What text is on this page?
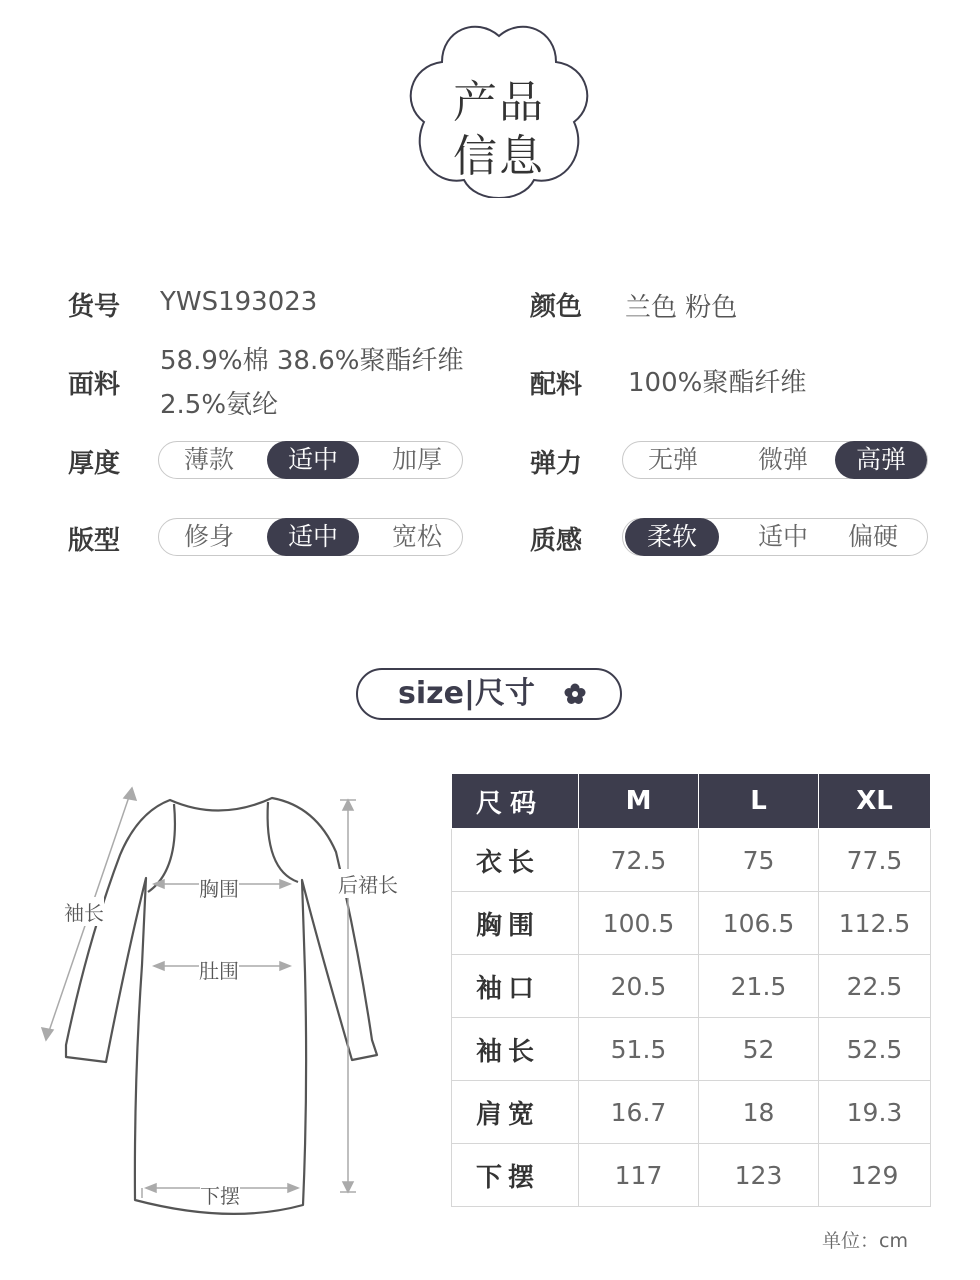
产品
信息
货号 YWS193023	颜色 兰色 粉色
面料
58.9%棉 38.6%聚酯纤维
2.5%氨纶
配料 100%聚酯纤维
厚度	薄款	适中	加厚	弹力	无弹	微弹	高弹
版型	修身	适中	宽松	质感	柔软	适中	偏硬
size|尺寸
袖长
胸围
肚围
后裙长
下摆
尺码	M	L	XL
衣长	72.5	75	77.5
胸围	100.5	106.5	112.5
袖口	20.5	21.5	22.5
袖长	51.5	52	52.5
肩宽	16.7	18	19.3
下摆	117	123	129
单位：cm
